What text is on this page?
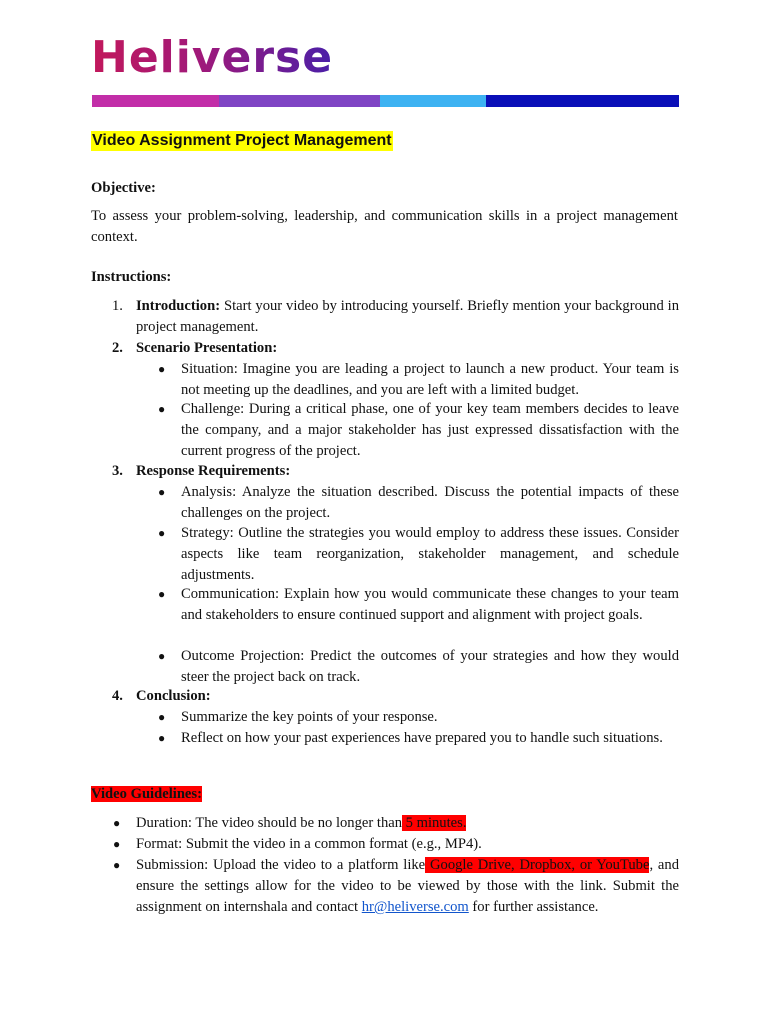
Heliverse
Video Assignment Project Management
Objective:
To assess your problem-solving, leadership, and communication skills in a project management context.
Instructions:
1. Introduction: Start your video by introducing yourself. Briefly mention your background in project management.
2. Scenario Presentation:
● Situation: Imagine you are leading a project to launch a new product. Your team is not meeting up the deadlines, and you are left with a limited budget.
● Challenge: During a critical phase, one of your key team members decides to leave the company, and a major stakeholder has just expressed dissatisfaction with the current progress of the project.
3. Response Requirements:
● Analysis: Analyze the situation described. Discuss the potential impacts of these challenges on the project.
● Strategy: Outline the strategies you would employ to address these issues. Consider aspects like team reorganization, stakeholder management, and schedule adjustments.
● Communication: Explain how you would communicate these changes to your team and stakeholders to ensure continued support and alignment with project goals.
● Outcome Projection: Predict the outcomes of your strategies and how they would steer the project back on track.
4. Conclusion:
● Summarize the key points of your response.
● Reflect on how your past experiences have prepared you to handle such situations.
Video Guidelines:
● Duration: The video should be no longer than 5 minutes.
● Format: Submit the video in a common format (e.g., MP4).
● Submission: Upload the video to a platform like Google Drive, Dropbox, or YouTube, and ensure the settings allow for the video to be viewed by those with the link. Submit the assignment on internshala and contact hr@heliverse.com for further assistance.
